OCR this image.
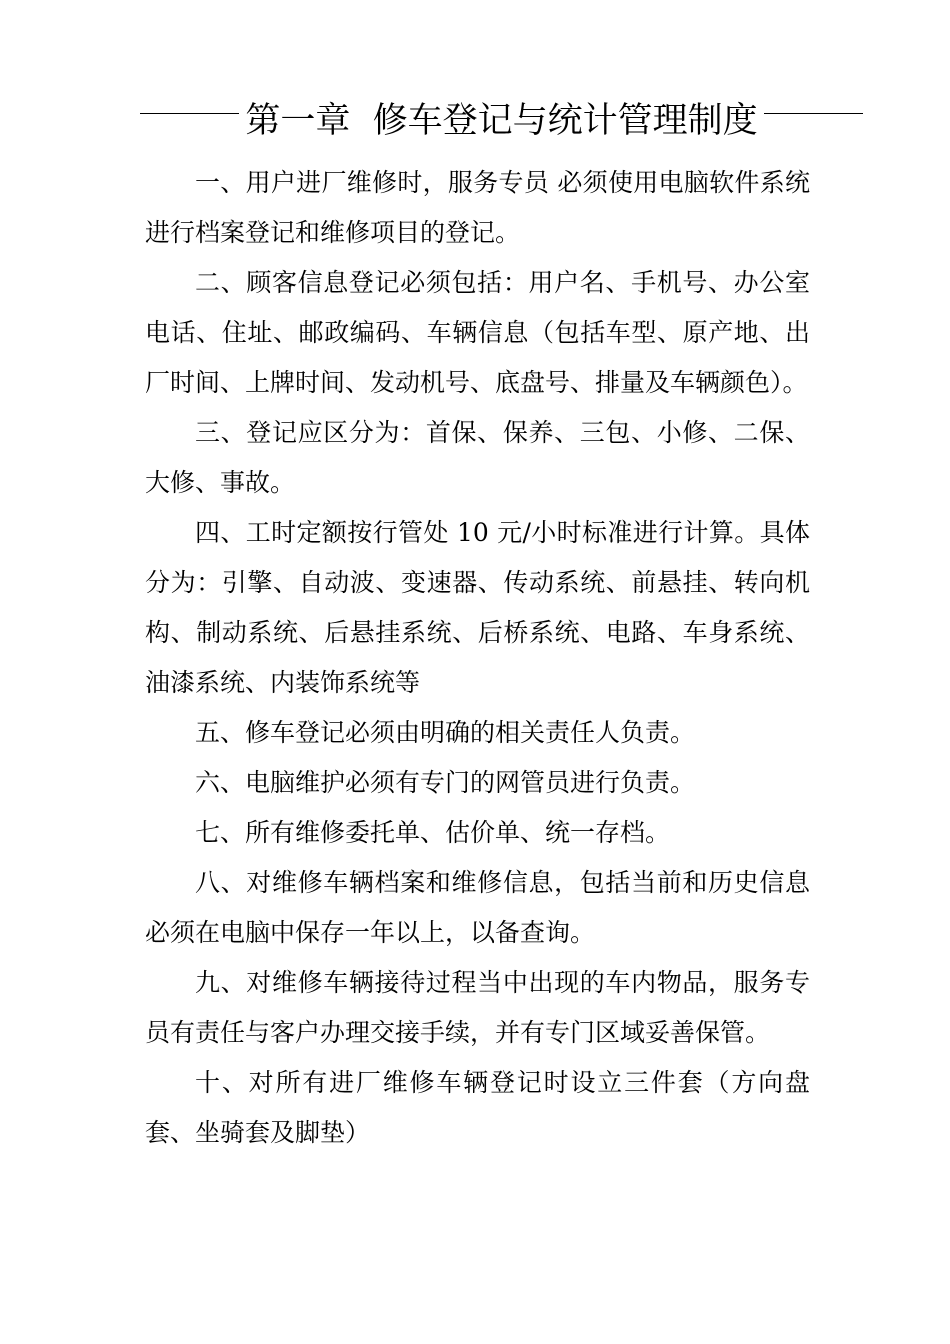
第一章  修车登记与统计管理制度

一、用户进厂维修时，服务专员 必须使用电脑软件系统进行档案登记和维修项目的登记。

二、顾客信息登记必须包括：用户名、手机号、办公室电话、住址、邮政编码、车辆信息（包括车型、原产地、出厂时间、上牌时间、发动机号、底盘号、排量及车辆颜色）。

三、登记应区分为：首保、保养、三包、小修、二保、大修、事故。

四、工时定额按行管处 10 元/小时标准进行计算。具体分为：引擎、自动波、变速器、传动系统、前悬挂、转向机构、制动系统、后悬挂系统、后桥系统、电路、车身系统、油漆系统、内装饰系统等

五、修车登记必须由明确的相关责任人负责。

六、电脑维护必须有专门的网管员进行负责。

七、所有维修委托单、估价单、统一存档。

八、对维修车辆档案和维修信息，包括当前和历史信息必须在电脑中保存一年以上，以备查询。

九、对维修车辆接待过程当中出现的车内物品，服务专员有责任与客户办理交接手续，并有专门区域妥善保管。

十、对所有进厂维修车辆登记时设立三件套（方向盘套、坐骑套及脚垫）
